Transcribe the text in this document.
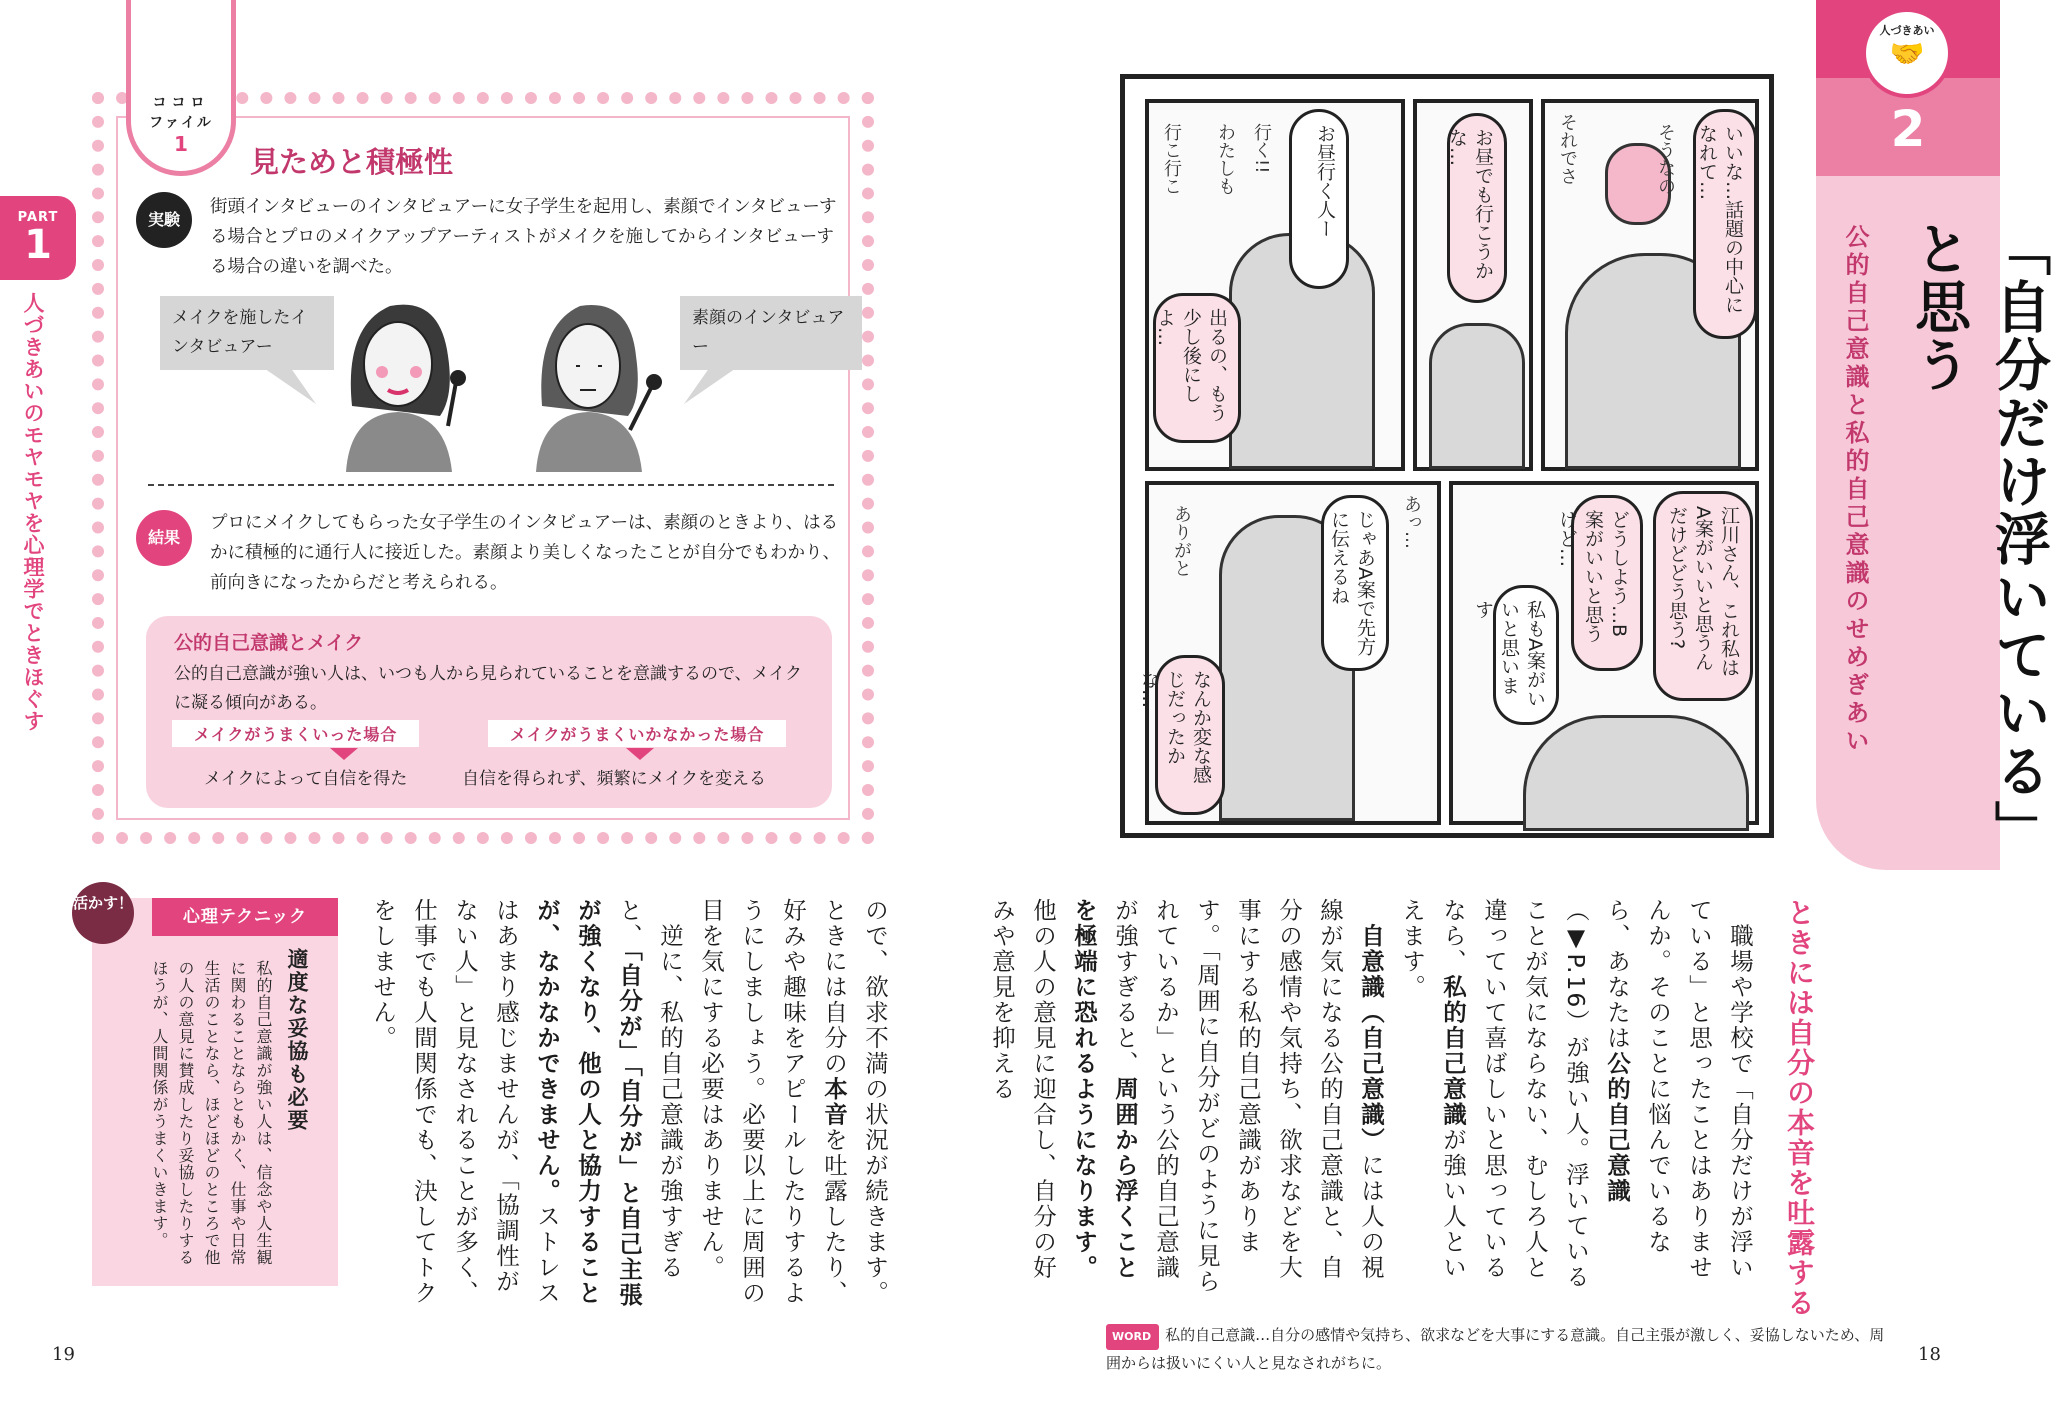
PART
1
人づきあいのモヤモヤを心理学でときほぐす
ココロ
ファイル
1
見ためと積極性
実験
街頭インタビューのインタビュアーに女子学生を起用し、素顔でインタビューする場合とプロのメイクアップアーティストがメイクを施してからインタビューする場合の違いを調べた。
メイクを施したインタビュアー
素顔のインタビュアー
結果
プロにメイクしてもらった女子学生のインタビュアーは、素顔のときより、はるかに積極的に通行人に接近した。素顔より美しくなったことが自分でもわかり、前向きになったからだと考えられる。
公的自己意識とメイク
公的自己意識が強い人は、いつも人から見られていることを意識するので、メイクに凝る傾向がある。
メイクがうまくいった場合	メイクがうまくいかなかった場合
メイクによって自信を得た	自信を得られず、頻繁にメイクを変える
ので、欲求不満の状況が続きます。ときには自分の本音を吐露したり、好みや趣味をアピールしたりするようにしましょう。必要以上に周囲の目を気にする必要はありません。
　逆に、私的自己意識が強すぎると、「自分が」「自分が」と自己主張が強くなり、他の人と協力することが、なかなかできません。ストレスはあまり感じませんが、「協調性がない人」と見なされることが多く、仕事でも人間関係でも、決してトクをしません。
心理テクニック
活かす！
適度な妥協も必要
私的自己意識が強い人は、信念や人生観に関わることならともかく、仕事や日常生活のことなら、ほどほどのところで他の人の意見に賛成したり妥協したりするほうが、人間関係がうまくいきます。
19
人づきあい
🤝
2
「自分だけ浮いている」と思う
公的自己意識と私的自己意識のせめぎあい
いいな…話題の中心になれて…
そうなの
それでさ
お昼でも行こうかな…
お昼行く人ー
行く!!
わたしも
行こ行こ
出るの、もう少し後にしよ…
江川さん、これ私はA案がいいと思うんだけどどう思う?
どうしよう…B案がいいと思うけど…
私もA案がいいと思います
あっ…
じゃあA案で先方に伝えるね
ありがと
なんか変な感じだったかな…
ときには自分の本音を吐露する
　職場や学校で「自分だけが浮いている」と思ったことはありませんか。そのことに悩んでいるなら、あなたは公的自己意識（▼P.16）が強い人。浮いていることが気にならない、むしろ人と違っていて喜ばしいと思っているなら、私的自己意識が強い人といえます。
　自意識（自己意識）には人の視線が気になる公的自己意識と、自分の感情や気持ち、欲求などを大事にする私的自己意識があります。「周囲に自分がどのように見られているか」という公的自己意識が強すぎると、周囲から浮くことを極端に恐れるようになります。他の人の意見に迎合し、自分の好みや意見を抑える
WORD 私的自己意識…自分の感情や気持ち、欲求などを大事にする意識。自己主張が激しく、妥協しないため、周囲からは扱いにくい人と見なされがちに。	18
